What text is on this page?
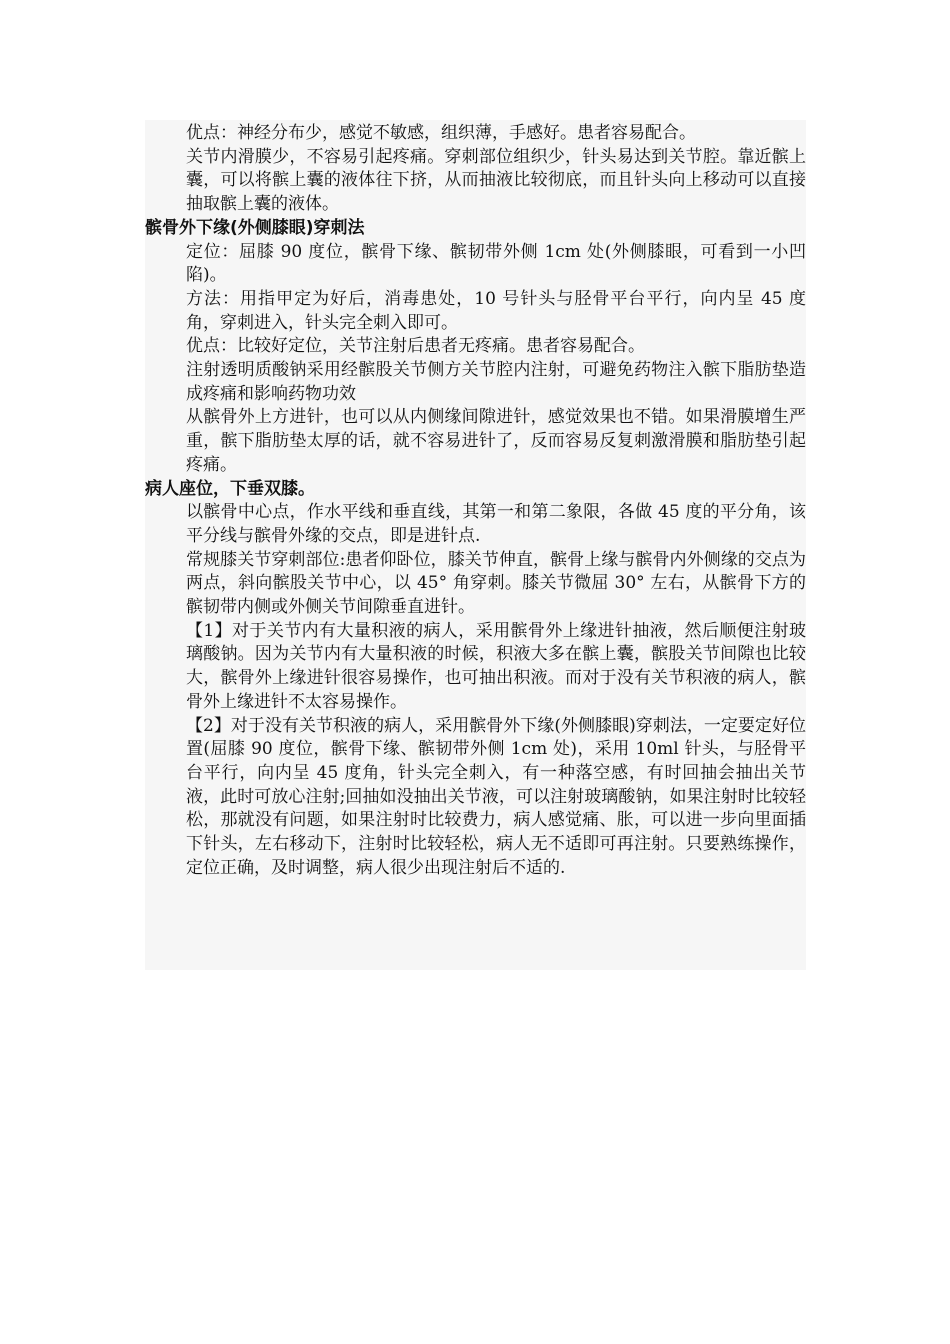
优点：神经分布少，感觉不敏感，组织薄，手感好。患者容易配合。

关节内滑膜少，不容易引起疼痛。穿刺部位组织少，针头易达到关节腔。靠近髌上囊，可以将髌上囊的液体往下挤，从而抽液比较彻底，而且针头向上移动可以直接抽取髌上囊的液体。

髌骨外下缘(外侧膝眼)穿刺法

定位：屈膝 90 度位，髌骨下缘、髌韧带外侧 1cm 处(外侧膝眼，可看到一小凹陷)。

方法：用指甲定为好后，消毒患处，10 号针头与胫骨平台平行，向内呈 45 度角，穿刺进入，针头完全刺入即可。

优点：比较好定位，关节注射后患者无疼痛。患者容易配合。

注射透明质酸钠采用经髌股关节侧方关节腔内注射，可避免药物注入髌下脂肪垫造成疼痛和影响药物功效

从髌骨外上方进针，也可以从内侧缘间隙进针，感觉效果也不错。如果滑膜增生严重，髌下脂肪垫太厚的话，就不容易进针了，反而容易反复刺激滑膜和脂肪垫引起疼痛。

病人座位，下垂双膝。

以髌骨中心点，作水平线和垂直线，其第一和第二象限，各做 45 度的平分角，该平分线与髌骨外缘的交点，即是进针点.

常规膝关节穿刺部位:患者仰卧位，膝关节伸直，髌骨上缘与髌骨内外侧缘的交点为两点，斜向髌股关节中心，以 45° 角穿刺。膝关节微屈 30° 左右，从髌骨下方的髌韧带内侧或外侧关节间隙垂直进针。

【1】对于关节内有大量积液的病人，采用髌骨外上缘进针抽液，然后顺便注射玻璃酸钠。因为关节内有大量积液的时候，积液大多在髌上囊，髌股关节间隙也比较大，髌骨外上缘进针很容易操作，也可抽出积液。而对于没有关节积液的病人，髌骨外上缘进针不太容易操作。

【2】对于没有关节积液的病人，采用髌骨外下缘(外侧膝眼)穿刺法，一定要定好位置(屈膝 90 度位，髌骨下缘、髌韧带外侧 1cm 处)，采用 10ml 针头，与胫骨平台平行，向内呈 45 度角，针头完全刺入，有一种落空感，有时回抽会抽出关节液，此时可放心注射;回抽如没抽出关节液，可以注射玻璃酸钠，如果注射时比较轻松，那就没有问题，如果注射时比较费力，病人感觉痛、胀，可以进一步向里面插下针头，左右移动下，注射时比较轻松，病人无不适即可再注射。只要熟练操作，定位正确，及时调整，病人很少出现注射后不适的.
